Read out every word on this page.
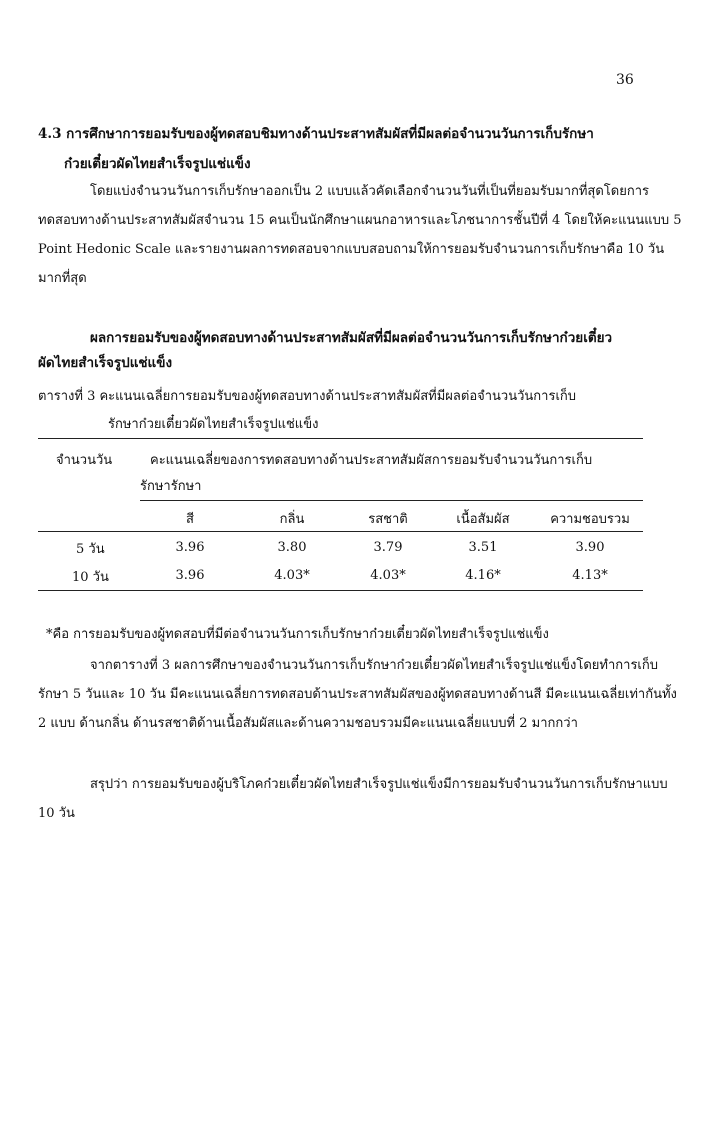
36
4.3 การศึกษาการยอมรับของผู้ทดสอบชิมทางด้านประสาทสัมผัสที่มีผลต่อจำนวนวันการเก็บรักษา
ก๋วยเตี๋ยวผัดไทยสำเร็จรูปแช่แข็ง
โดยแบ่งจำนวนวันการเก็บรักษาออกเป็น 2 แบบแล้วคัดเลือกจำนวนวันที่เป็นที่ยอมรับมากที่สุดโดยการทดสอบทางด้านประสาทสัมผัสจำนวน 15 คนเป็นนักศึกษาแผนกอาหารและโภชนาการชั้นปีที่ 4 โดยให้คะแนนแบบ 5 Point Hedonic Scale และรายงานผลการทดสอบจากแบบสอบถามให้การยอมรับจำนวนการเก็บรักษาคือ 10 วันมากที่สุด
ผลการยอมรับของผู้ทดสอบทางด้านประสาทสัมผัสที่มีผลต่อจำนวนวันการเก็บรักษาก๋วยเตี๋ยว
ผัดไทยสำเร็จรูปแช่แข็ง
ตารางที่ 3 คะแนนเฉลี่ยการยอมรับของผู้ทดสอบทางด้านประสาทสัมผัสที่มีผลต่อจำนวนวันการเก็บ
รักษาก๋วยเตี๋ยวผัดไทยสำเร็จรูปแช่แข็ง
จำนวนวัน	คะแนนเฉลี่ยของการทดสอบทางด้านประสาทสัมผัสการยอมรับจำนวนวันการเก็บ
รักษารักษา
สี	กลิ่น	รสชาติ	เนื้อสัมผัส	ความชอบรวม
5 วัน	3.96	3.80	3.79	3.51	3.90
10 วัน	3.96	4.03*	4.03*	4.16*	4.13*
*คือ การยอมรับของผู้ทดสอบที่มีต่อจำนวนวันการเก็บรักษาก๋วยเตี๋ยวผัดไทยสำเร็จรูปแช่แข็ง
จากตารางที่ 3 ผลการศึกษาของจำนวนวันการเก็บรักษาก๋วยเตี๋ยวผัดไทยสำเร็จรูปแช่แข็งโดยทำการเก็บรักษา 5 วันและ 10 วัน มีคะแนนเฉลี่ยการทดสอบด้านประสาทสัมผัสของผู้ทดสอบทางด้านสี มีคะแนนเฉลี่ยเท่ากันทั้ง 2 แบบ ด้านกลิ่น ด้านรสชาติด้านเนื้อสัมผัสและด้านความชอบรวมมีคะแนนเฉลี่ยแบบที่ 2 มากกว่า
สรุปว่า การยอมรับของผู้บริโภคก๋วยเตี๋ยวผัดไทยสำเร็จรูปแช่แข็งมีการยอมรับจำนวนวันการเก็บรักษาแบบ 10 วัน
